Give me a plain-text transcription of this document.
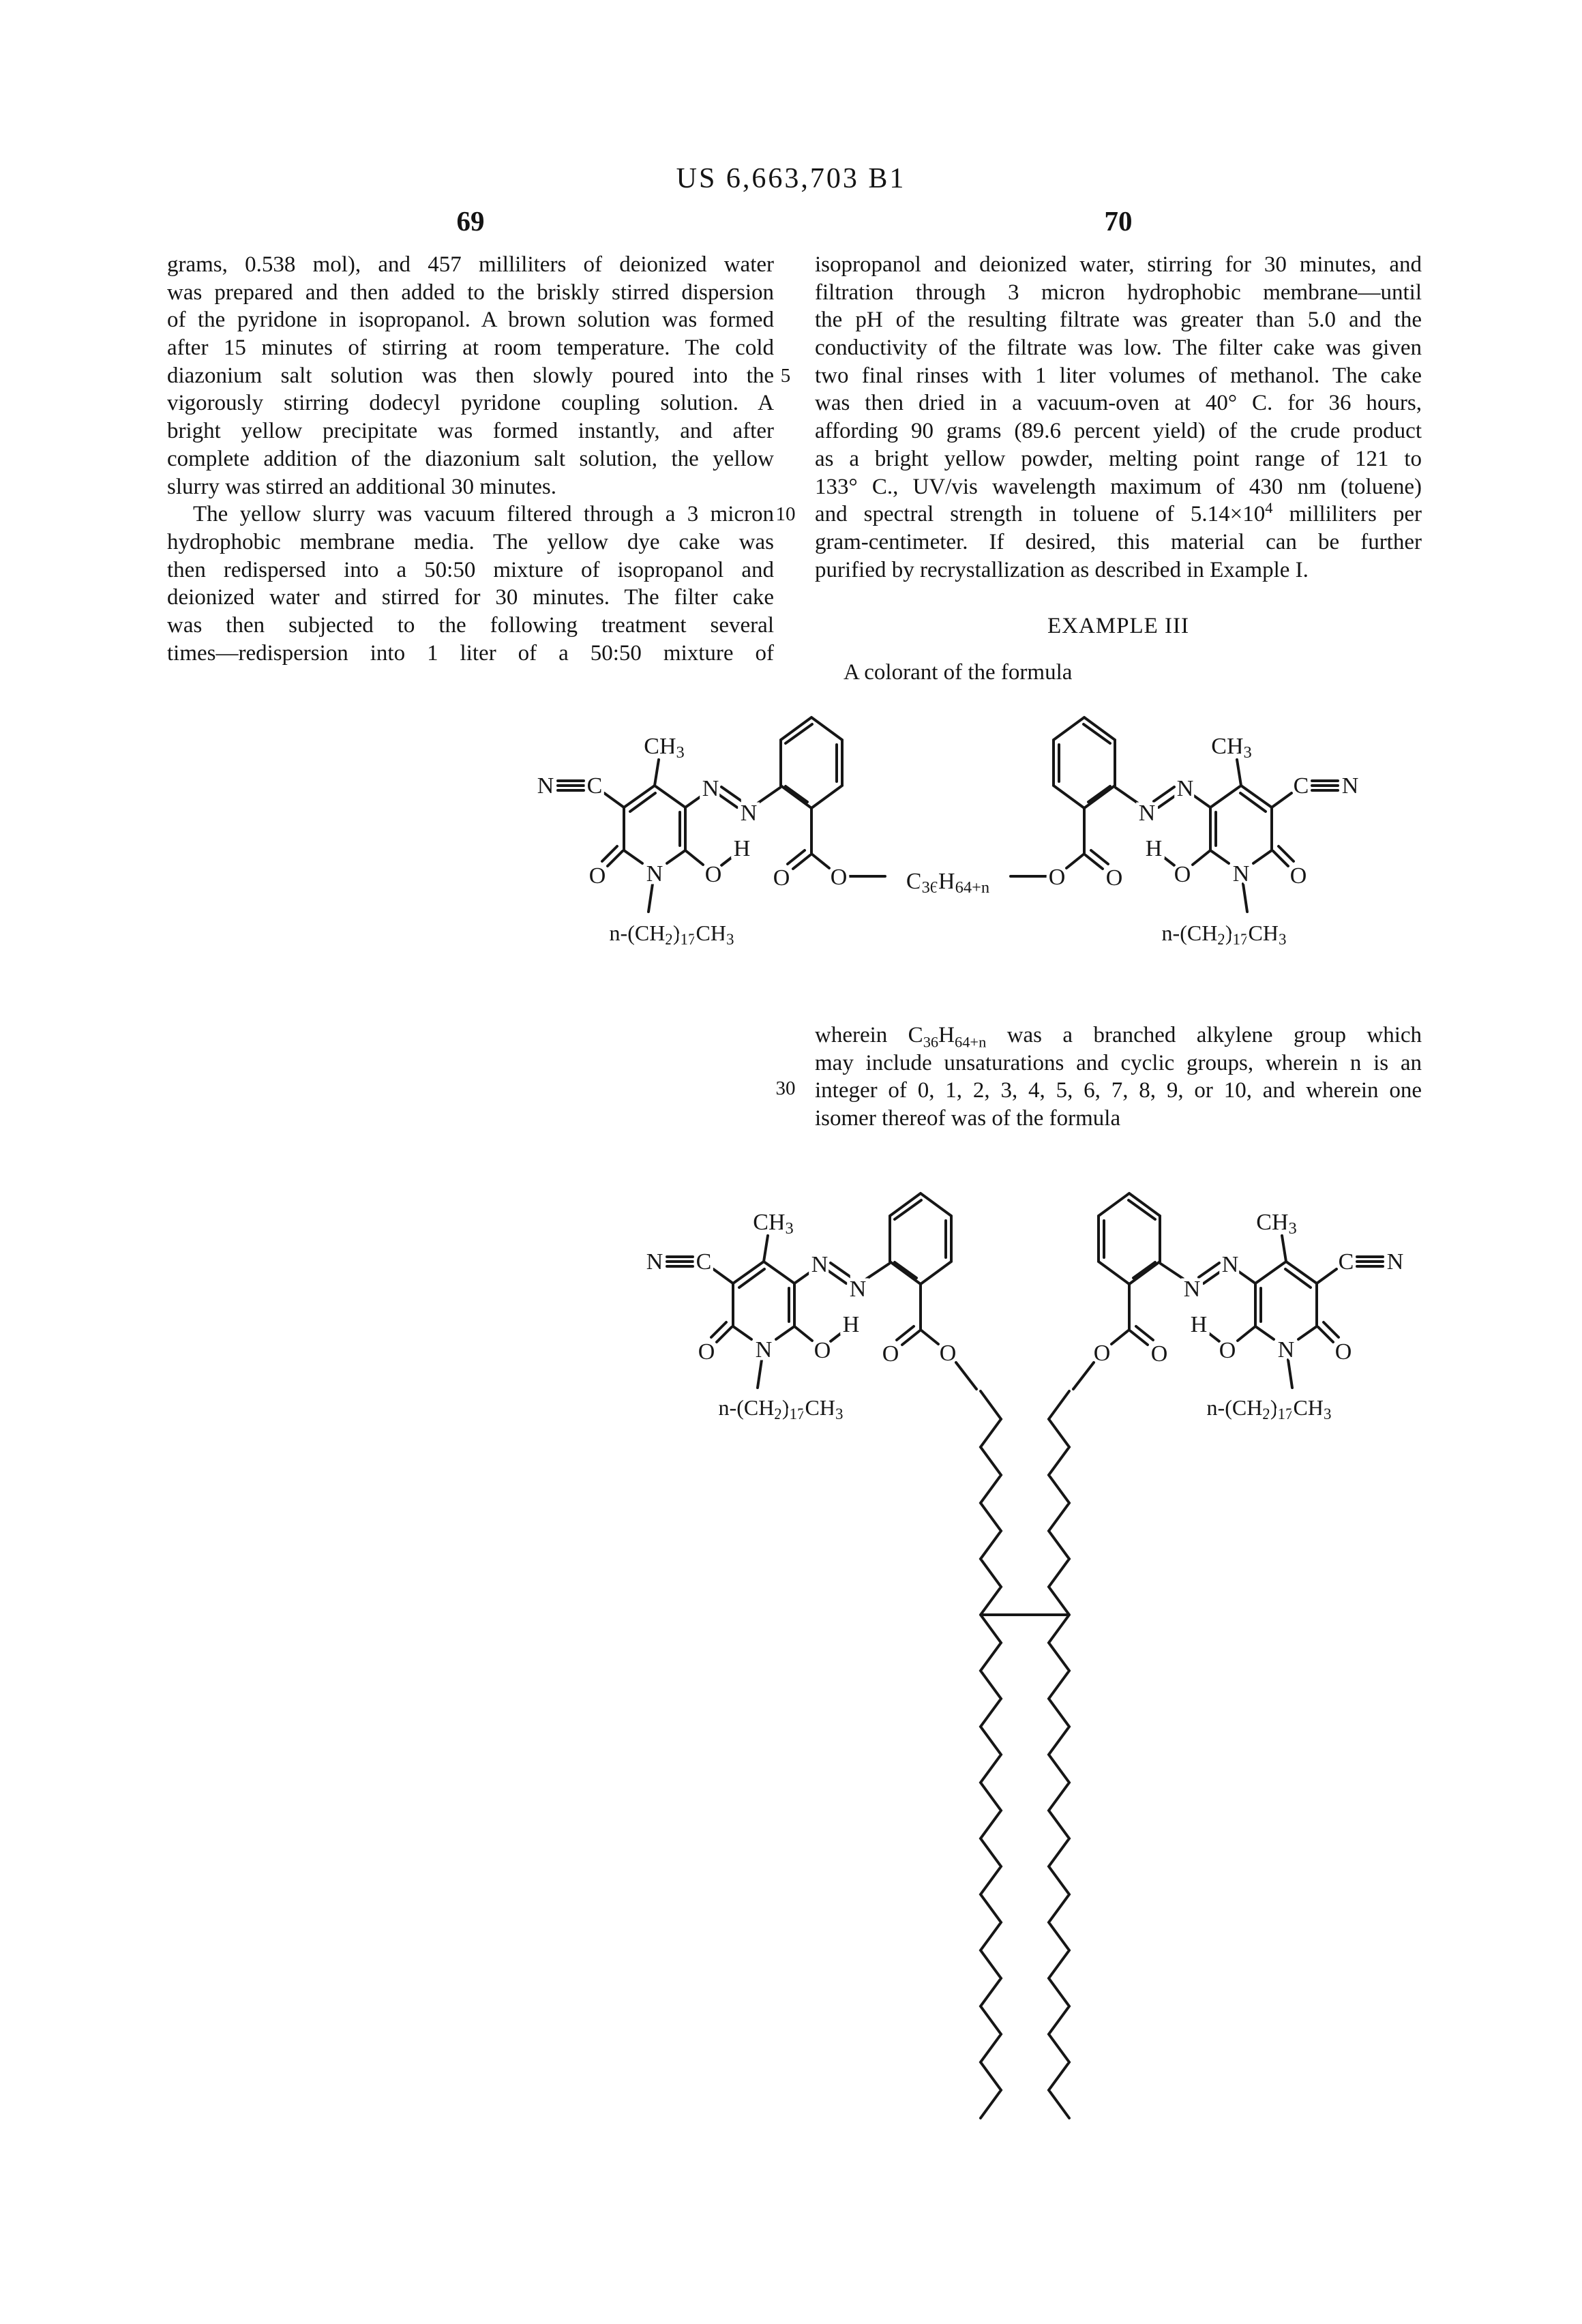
US 6,663,703 B1
69	70
5
10
30
grams, 0.538 mol), and 457 milliliters of deionized water
was prepared and then added to the briskly stirred dispersion
of the pyridone in isopropanol. A brown solution was formed
after 15 minutes of stirring at room temperature. The cold
diazonium salt solution was then slowly poured into the
vigorously stirring dodecyl pyridone coupling solution. A
bright yellow precipitate was formed instantly, and after
complete addition of the diazonium salt solution, the yellow
slurry was stirred an additional 30 minutes.
The yellow slurry was vacuum filtered through a 3 micron
hydrophobic membrane media. The yellow dye cake was
then redispersed into a 50:50 mixture of isopropanol and
deionized water and stirred for 30 minutes. The filter cake
was then subjected to the following treatment several
times—redispersion into 1 liter of a 50:50 mixture of
isopropanol and deionized water, stirring for 30 minutes, and
filtration through 3 micron hydrophobic membrane—until
the pH of the resulting filtrate was greater than 5.0 and the
conductivity of the filtrate was low. The filter cake was given
two final rinses with 1 liter volumes of methanol. The cake
was then dried in a vacuum-oven at 40° C. for 36 hours,
affording 90 grams (89.6 percent yield) of the crude product
as a bright yellow powder, melting point range of 121 to
133° C., UV/vis wavelength maximum of 430 nm (toluene)
and spectral strength in toluene of $5.14\times 10^4$ milliliters per
gram-centimeter. If desired, this material can be further
purified by recrystallization as described in Example I.
EXAMPLE III
A colorant of the formula
wherein $C_{36}H_{64+n}$ was a branched alkylene group which
may include unsaturations and cyclic groups, wherein n is an
integer of 0, 1, 2, 3, 4, 5, 6, 7, 8, 9, or 10, and wherein one
isomer thereof was of the formula
N C
$CH_3$
N
O	O
H
N
N
O O	$C_{36}H_{64+n}$	O O
H
O
N
N
$CH_3$
C N
O
N
$n-(CH_2)_{17}CH_3$	$n-(CH_2)_{17}CH_3$
N C
$CH_3$
N
O	O
H
N
N
O O
$n-(CH_2)_{17}CH_3$
N
C
$CH_3$
N O
O
H
N
N
O
O
$n-(CH_2)_{17}CH_3$
